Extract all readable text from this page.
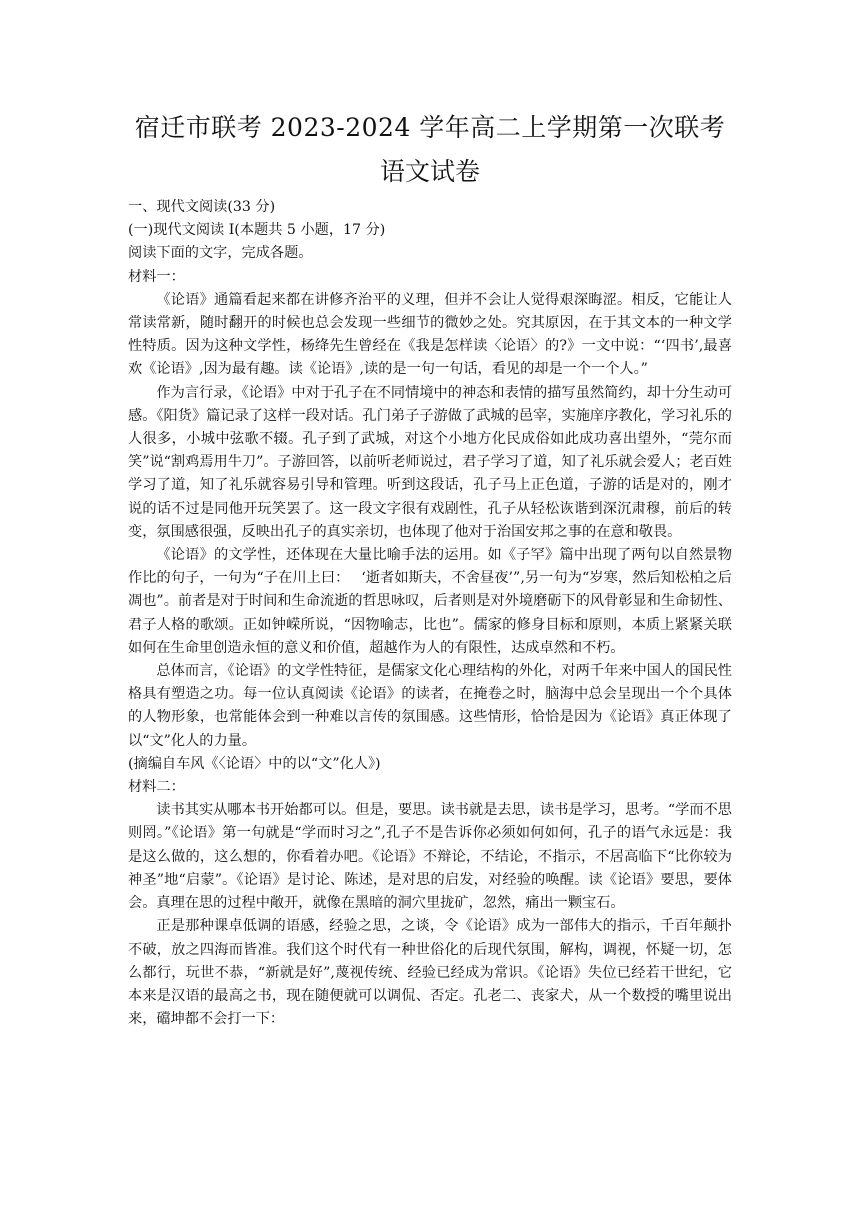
宿迁市联考 2023-2024 学年高二上学期第一次联考
语文试卷

一、现代文阅读(33 分)

(一)现代文阅读 I(本题共 5 小题，17 分)

阅读下面的文字，完成各题。

材料一：

《论语》通篇看起来都在讲修齐治平的义理，但并不会让人觉得艰深晦涩。相反，它能让人常读常新，随时翻开的时候也总会发现一些细节的微妙之处。究其原因，在于其文本的一种文学性特质。因为这种文学性，杨绛先生曾经在《我是怎样读〈论语〉的?》一文中说：“‘四书’,最喜欢《论语》,因为最有趣。读《论语》,读的是一句一句话，看见的却是一个一个人。”

作为言行录，《论语》中对于孔子在不同情境中的神态和表情的描写虽然简约，却十分生动可感。《阳货》篇记录了这样一段对话。孔门弟子子游做了武城的邑宰，实施庠序教化，学习礼乐的人很多，小城中弦歌不辍。孔子到了武城，对这个小地方化民成俗如此成功喜出望外，“莞尔而笑”说“割鸡焉用牛刀”。子游回答，以前听老师说过，君子学习了道，知了礼乐就会爱人；老百姓学习了道，知了礼乐就容易引导和管理。听到这段话，孔子马上正色道，子游的话是对的，刚才说的话不过是同他开玩笑罢了。这一段文字很有戏剧性，孔子从轻松诙谐到深沉肃穆，前后的转变，氛围感很强，反映出孔子的真实亲切，也体现了他对于治国安邦之事的在意和敬畏。

《论语》的文学性，还体现在大量比喻手法的运用。如《子罕》篇中出现了两句以自然景物作比的句子，一句为“子在川上曰：　 ‘逝者如斯夫，不舍昼夜’”,另一句为“岁寒，然后知松柏之后凋也”。前者是对于时间和生命流逝的哲思咏叹，后者则是对外境磨砺下的风骨彰显和生命韧性、君子人格的歌颂。正如钟嵘所说，“因物喻志，比也”。儒家的修身目标和原则，本质上紧紧关联如何在生命里创造永恒的意义和价值，超越作为人的有限性，达成卓然和不朽。

总体而言，《论语》的文学性特征，是儒家文化心理结构的外化，对两千年来中国人的国民性格具有塑造之功。每一位认真阅读《论语》的读者，在掩卷之时，脑海中总会呈现出一个个具体的人物形象，也常能体会到一种难以言传的氛围感。这些情形，恰恰是因为《论语》真正体现了以“文”化人的力量。

(摘编自车风《〈论语〉中的以“文”化人》)

材料二：

读书其实从哪本书开始都可以。但是，要思。读书就是去思，读书是学习，思考。“学而不思则罔。”《论语》第一句就是“学而时习之”,孔子不是告诉你必须如何如何，孔子的语气永远是：我是这么做的，这么想的，你看着办吧。《论语》不辩论，不结论，不指示，不居高临下“比你较为神圣”地“启蒙”。《论语》是讨论、陈述，是对思的启发，对经验的唤醒。读《论语》要思，要体会。真理在思的过程中敞开，就像在黑暗的洞穴里拢矿，忽然，痛出一颗宝石。

正是那种课卓低调的语感，经验之思，之谈，令《论语》成为一部伟大的指示，千百年颠扑不破，放之四海而皆准。我们这个时代有一种世俗化的后现代氛围，解构，调视，怀疑一切，怎么都行，玩世不恭，“新就是好”,蔑视传统、经验已经成为常识。《论语》失位已经若干世纪，它本来是汉语的最高之书，现在随便就可以调侃、否定。孔老二、丧家犬，从一个数授的嘴里说出来，礑坤都不会打一下：
